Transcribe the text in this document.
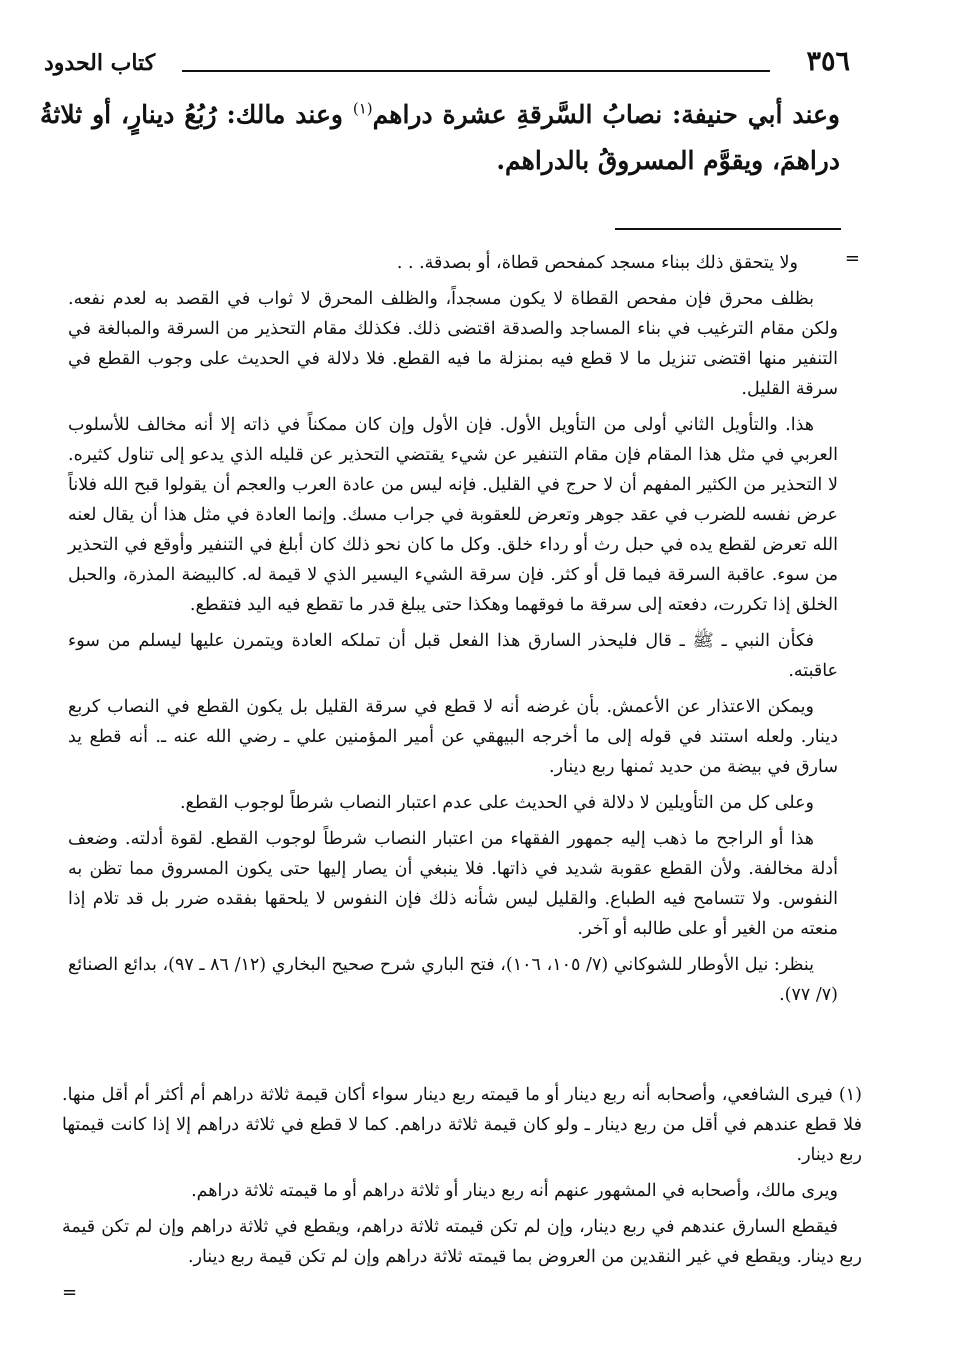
٣٥٦
كتاب الحدود

وعند أبي حنيفة: نصابُ السَّرقةِ عشرة دراهم$^{(١)}$ وعند مالك: رُبُعُ دينارٍ، أو ثلاثةُ دراهمَ، ويقوَّم المسروقُ بالدراهم.

=

ولا يتحقق ذلك ببناء مسجد كمفحص قطاة، أو بصدقة. . .

بظلف محرق فإن مفحص القطاة لا يكون مسجداً، والظلف المحرق لا ثواب في القصد به لعدم نفعه. ولكن مقام الترغيب في بناء المساجد والصدقة اقتضى ذلك. فكذلك مقام التحذير من السرقة والمبالغة في التنفير منها اقتضى تنزيل ما لا قطع فيه بمنزلة ما فيه القطع. فلا دلالة في الحديث على وجوب القطع في سرقة القليل.

هذا. والتأويل الثاني أولى من التأويل الأول. فإن الأول وإن كان ممكناً في ذاته إلا أنه مخالف للأسلوب العربي في مثل هذا المقام فإن مقام التنفير عن شيء يقتضي التحذير عن قليله الذي يدعو إلى تناول كثيره. لا التحذير من الكثير المفهم أن لا حرج في القليل. فإنه ليس من عادة العرب والعجم أن يقولوا قبح الله فلاناً عرض نفسه للضرب في عقد جوهر وتعرض للعقوبة في جراب مسك. وإنما العادة في مثل هذا أن يقال لعنه الله تعرض لقطع يده في حبل رث أو رداء خلق. وكل ما كان نحو ذلك كان أبلغ في التنفير وأوقع في التحذير من سوء. عاقبة السرقة فيما قل أو كثر. فإن سرقة الشيء اليسير الذي لا قيمة له. كالبيضة المذرة، والحبل الخلق إذا تكررت، دفعته إلى سرقة ما فوقهما وهكذا حتى يبلغ قدر ما تقطع فيه اليد فتقطع.

فكأن النبي ـ ﷺ ـ قال فليحذر السارق هذا الفعل قبل أن تملكه العادة ويتمرن عليها ليسلم من سوء عاقبته.

ويمكن الاعتذار عن الأعمش. بأن غرضه أنه لا قطع في سرقة القليل بل يكون القطع في النصاب كربع دينار. ولعله استند في قوله إلى ما أخرجه البيهقي عن أمير المؤمنين علي ـ رضي الله عنه ـ. أنه قطع يد سارق في بيضة من حديد ثمنها ربع دينار.

وعلى كل من التأويلين لا دلالة في الحديث على عدم اعتبار النصاب شرطاً لوجوب القطع.

هذا أو الراجح ما ذهب إليه جمهور الفقهاء من اعتبار النصاب شرطاً لوجوب القطع. لقوة أدلته. وضعف أدلة مخالفة. ولأن القطع عقوبة شديد في ذاتها. فلا ينبغي أن يصار إليها حتى يكون المسروق مما تظن به النفوس. ولا تتسامح فيه الطباع. والقليل ليس شأنه ذلك فإن النفوس لا يلحقها بفقده ضرر بل قد تلام إذا منعته من الغير أو على طالبه أو آخر.

ينظر: نيل الأوطار للشوكاني (٧/ ١٠٥، ١٠٦)، فتح الباري شرح صحيح البخاري (١٢/ ٨٦ ـ ٩٧)، بدائع الصنائع (٧/ ٧٧).

(١) فيرى الشافعي، وأصحابه أنه ربع دينار أو ما قيمته ربع دينار سواء أكان قيمة ثلاثة دراهم أم أكثر أم أقل منها. فلا قطع عندهم في أقل من ربع دينار ـ ولو كان قيمة ثلاثة دراهم. كما لا قطع في ثلاثة دراهم إلا إذا كانت قيمتها ربع دينار.

ويرى مالك، وأصحابه في المشهور عنهم أنه ربع دينار أو ثلاثة دراهم أو ما قيمته ثلاثة دراهم.

فيقطع السارق عندهم في ربع دينار، وإن لم تكن قيمته ثلاثة دراهم، ويقطع في ثلاثة دراهم وإن لم تكن قيمة ربع دينار. ويقطع في غير النقدين من العروض بما قيمته ثلاثة دراهم وإن لم تكن قيمة ربع دينار.

=
